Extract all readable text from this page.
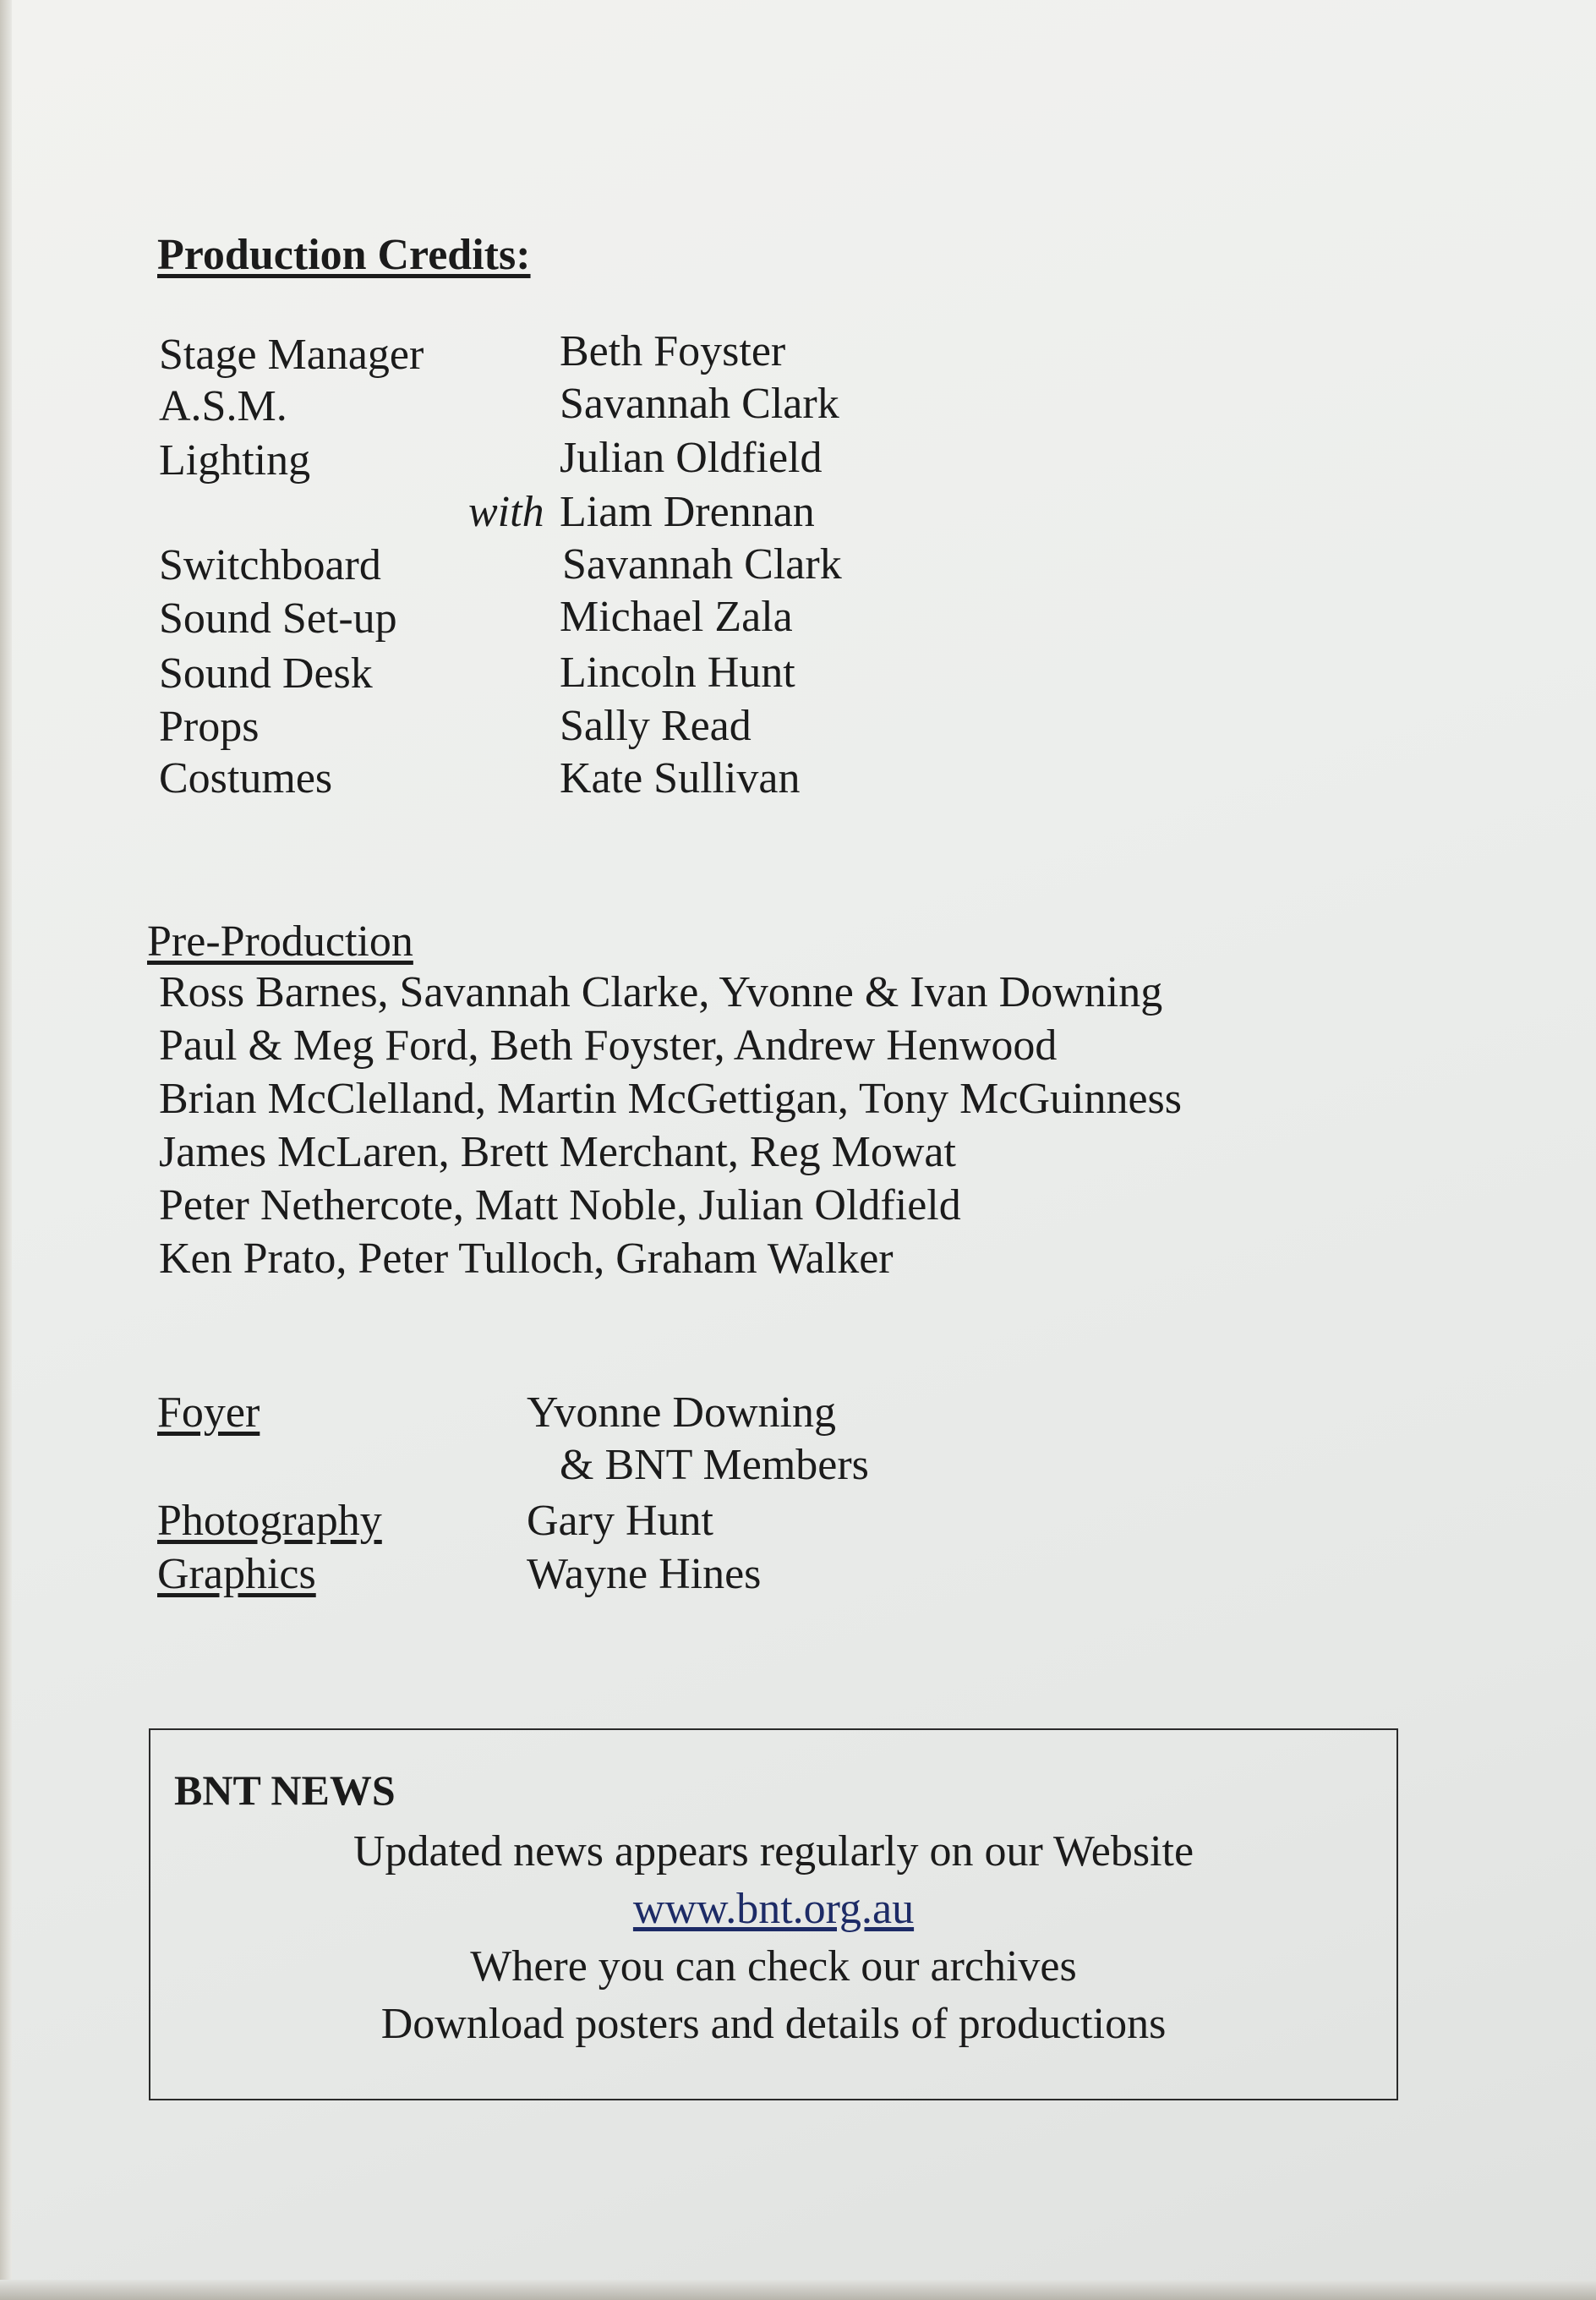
Production Credits:
Stage Manager	Beth Foyster
A.S.M.	Savannah Clark
Lighting	Julian Oldfield
with Liam Drennan
Switchboard	Savannah Clark
Sound Set-up	Michael Zala
Sound Desk	Lincoln Hunt
Props	Sally Read
Costumes	Kate Sullivan
Pre-Production
Ross Barnes, Savannah Clarke, Yvonne & Ivan Downing
Paul & Meg Ford, Beth Foyster, Andrew Henwood
Brian McClelland, Martin McGettigan, Tony McGuinness
James McLaren, Brett Merchant, Reg Mowat
Peter Nethercote, Matt Noble, Julian Oldfield
Ken Prato, Peter Tulloch, Graham Walker
Foyer	Yvonne Downing
& BNT Members
Photography	Gary Hunt
Graphics	Wayne Hines
BNT NEWS
Updated news appears regularly on our Website
www.bnt.org.au
Where you can check our archives
Download posters and details of productions
